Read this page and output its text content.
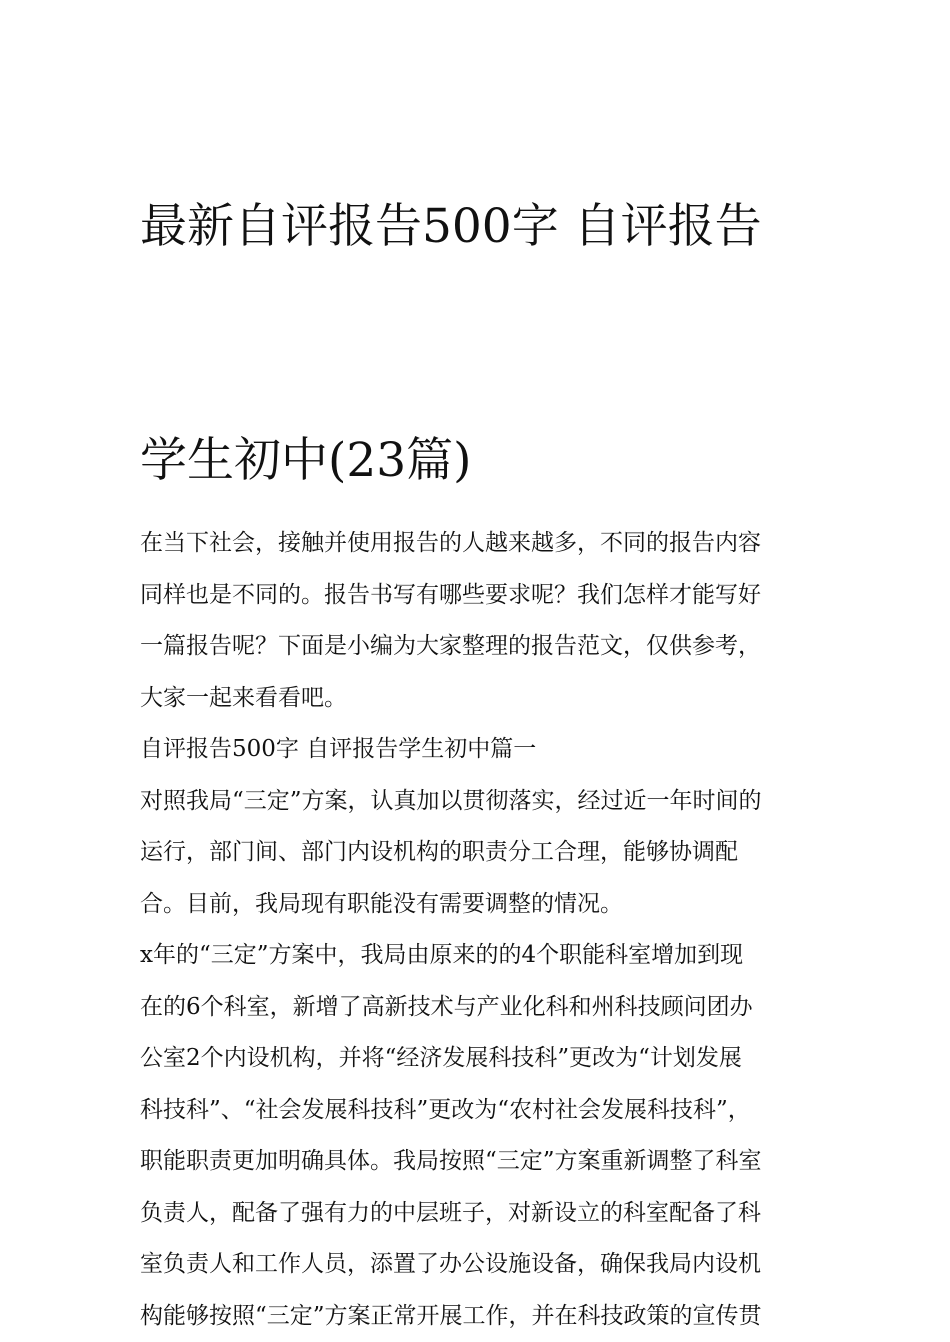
最新自评报告500字 自评报告

学生初中(23篇)

在当下社会，接触并使用报告的人越来越多，不同的报告内容
同样也是不同的。报告书写有哪些要求呢？我们怎样才能写好
一篇报告呢？下面是小编为大家整理的报告范文，仅供参考，
大家一起来看看吧。
自评报告500字 自评报告学生初中篇一
对照我局“三定”方案，认真加以贯彻落实，经过近一年时间的
运行，部门间、部门内设机构的职责分工合理，能够协调配
合。目前，我局现有职能没有需要调整的情况。
x年的“三定”方案中，我局由原来的的4个职能科室增加到现
在的6个科室，新增了高新技术与产业化科和州科技顾问团办
公室2个内设机构，并将“经济发展科技科”更改为“计划发展
科技科”、“社会发展科技科”更改为“农村社会发展科技科”，
职能职责更加明确具体。我局按照“三定”方案重新调整了科室
负责人，配备了强有力的中层班子，对新设立的科室配备了科
室负责人和工作人员，添置了办公设施设备，确保我局内设机
构能够按照“三定”方案正常开展工作，并在科技政策的宣传贯
